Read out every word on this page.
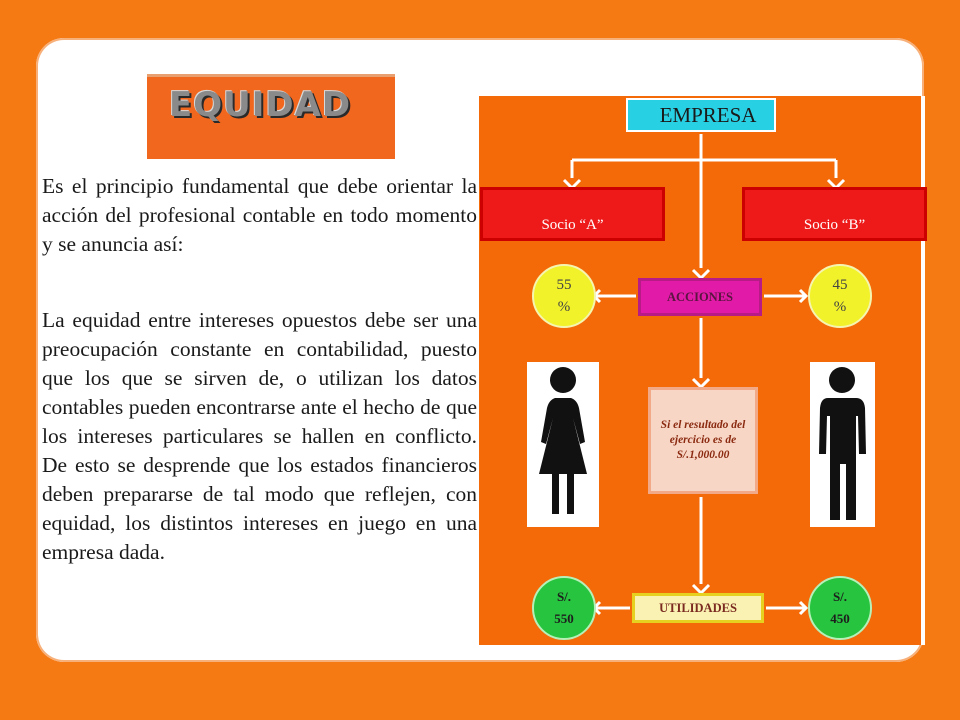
EQUIDAD
Es el principio fundamental que debe orientar la acción del profesional contable en todo momento y se anuncia así:
La equidad entre intereses opuestos debe ser una preocupación constante en contabilidad, puesto que los que se sirven de, o utilizan los datos contables pueden encontrarse ante el hecho de que los intereses particulares se hallen en conflicto. De esto se desprende que los estados financieros deben prepararse de tal modo que reflejen, con equidad, los distintos intereses en juego en una empresa dada.
EMPRESA
Socio “A”	Socio “B”
ACCIONES
55
%
45
%
Si el resultado del ejercicio es de S/.1,000.00
UTILIDADES
S/.
550
S/.
450
